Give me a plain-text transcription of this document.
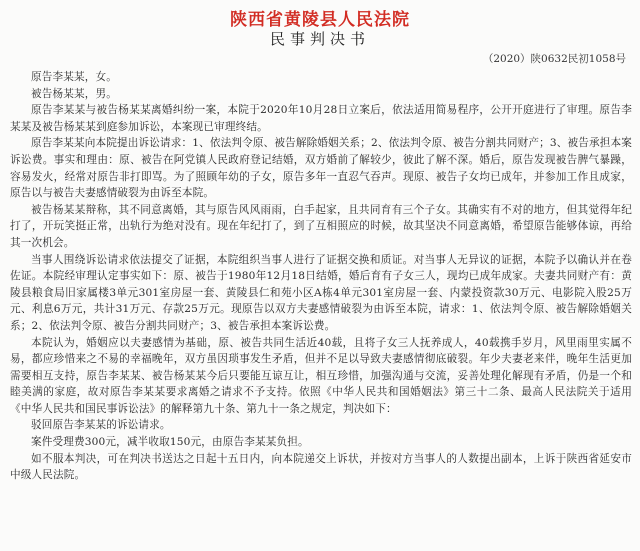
陕西省黄陵县人民法院
民事判决书
（2020）陕0632民初1058号

原告李某某，女。

被告杨某某，男。

原告李某某与被告杨某某离婚纠纷一案，本院于2020年10月28日立案后，依法适用简易程序，公开开庭进行了审理。原告李某某及被告杨某某到庭参加诉讼，本案现已审理终结。

原告李某某向本院提出诉讼请求：1、依法判令原、被告解除婚姻关系；2、依法判令原、被告分割共同财产；3、被告承担本案诉讼费。事实和理由：原、被告在阿党镇人民政府登记结婚，双方婚前了解较少，彼此了解不深。婚后，原告发现被告脾气暴躁，容易发火，经常对原告非打即骂。为了照顾年幼的子女，原告多年一直忍气吞声。现原、被告子女均已成年，并参加工作且成家，原告以与被告夫妻感情破裂为由诉至本院。

被告杨某某辩称，其不同意离婚，其与原告风风雨雨，白手起家，且共同育有三个子女。其确实有不对的地方，但其觉得年纪打了，开玩笑挺正常，出轨行为绝对没有。现在年纪打了，到了互相照应的时候，故其坚决不同意离婚，希望原告能够体谅，再给其一次机会。

当事人围绕诉讼请求依法提交了证据，本院组织当事人进行了证据交换和质证。对当事人无异议的证据，本院予以确认并在卷佐证。本院经审理认定事实如下：原、被告于1980年12月18日结婚，婚后育有子女三人，现均已成年成家。夫妻共同财产有：黄陵县粮食局旧家属楼3单元301室房屋一套、黄陵县仁和苑小区A栋4单元301室房屋一套、内蒙投资款30万元、电影院入股25万元、利息6万元，共计31万元、存款25万元。现原告以双方夫妻感情破裂为由诉至本院，请求：1、依法判令原、被告解除婚姻关系；2、依法判令原、被告分割共同财产；3、被告承担本案诉讼费。

本院认为，婚姻应以夫妻感情为基础，原、被告共同生活近40载，且将子女三人抚养成人，40载携手岁月，风里雨里实属不易，都应珍惜来之不易的幸福晚年，双方虽因琐事发生矛盾，但并不足以导致夫妻感情彻底破裂。年少夫妻老来伴，晚年生活更加需要相互支持，原告李某某、被告杨某某今后只要能互谅互让，相互珍惜，加强沟通与交流，妥善处理化解现有矛盾，仍是一个和睦美满的家庭，故对原告李某某要求离婚之请求不予支持。依照《中华人民共和国婚姻法》第三十二条、最高人民法院关于适用《中华人民共和国民事诉讼法》的解释第九十条、第九十一条之规定，判决如下：

驳回原告李某某的诉讼请求。

案件受理费300元，减半收取150元，由原告李某某负担。

如不服本判决，可在判决书送达之日起十五日内，向本院递交上诉状，并按对方当事人的人数提出副本，上诉于陕西省延安市中级人民法院。
